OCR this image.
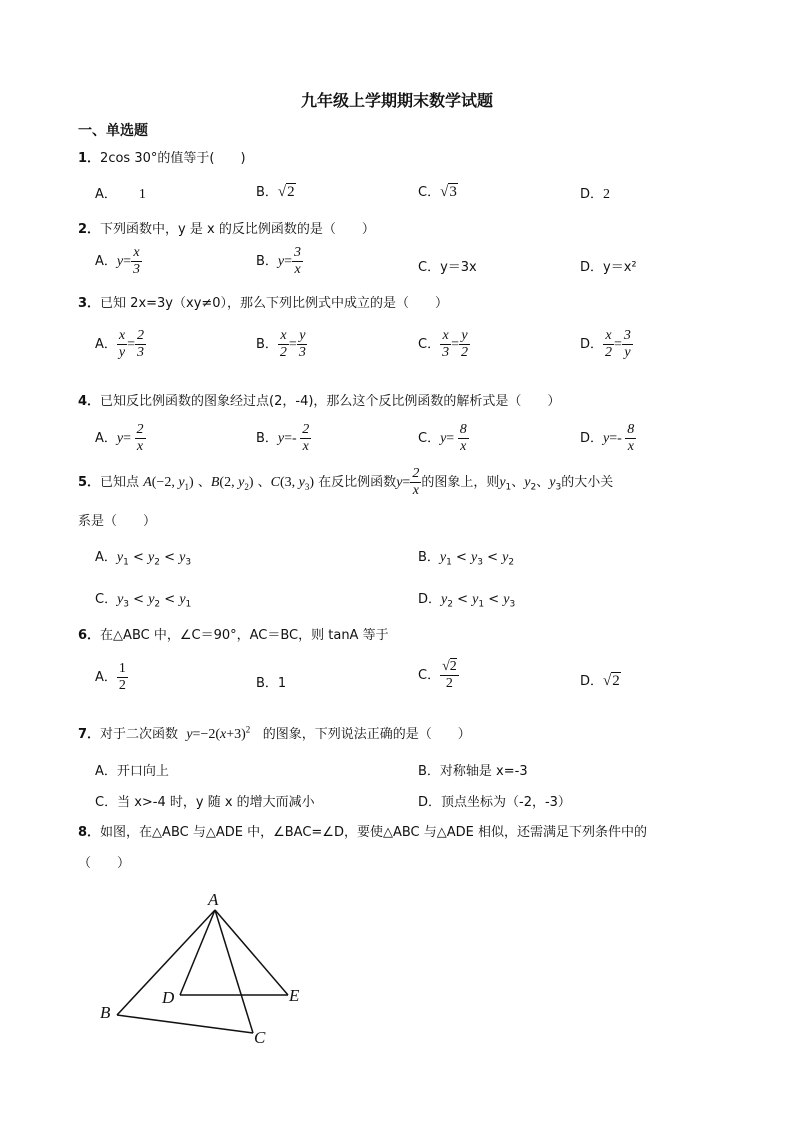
九年级上学期期末数学试题
一、单选题
1．2cos 30°的值等于(　　)
A． 1	B．√2	C．√3	D．2
2．下列函数中，y 是 x 的反比例函数的是（　　）
A．$y= \frac{x}{3}$	B．$y= \frac{3}{x}$	C．y＝3x	D．y＝x²
3．已知 2x=3y（xy≠0），那么下列比例式中成立的是（　　）
A． $\frac{x}{y} = \frac{2}{3}$	B． $\frac{x}{2} = \frac{y}{3}$	C． $\frac{x}{3} = \frac{y}{2}$	D． $\frac{x}{2} = \frac{3}{y}$
4．已知反比例函数的图象经过点(2，-4)，那么这个反比例函数的解析式是（　　）
A．$y= \frac{2}{x}$	B．$y=- \frac{2}{x}$	C．$y= \frac{8}{x}$	D．$y=- \frac{8}{x}$
5．已知点 A(−2, $y_1$) 、B(2, $y_2$) 、C(3, $y_3$) 在反比例函数$y= \frac{2}{x}$ 的图象上，则$y_1$、$y_2$、$y_3$的大小关
系是（　　）
A．$y_1 < y_2 < y_3$	B．$y_1 < y_3 < y_2$
C．$y_3 < y_2 < y_1$	D．$y_2 < y_1 < y_3$
6．在△ABC 中，∠C＝90°，AC＝BC，则 tanA 等于
A． $\frac{1}{2}$	B．1
C． $\frac{√2}{2}$	D．√2
7．对于二次函数 $y=-2(x+3)^2$ 的图象，下列说法正确的是（　　）
A．开口向上	B．对称轴是 x=-3
C．当 x>-4 时，y 随 x 的增大而减小	D．顶点坐标为（-2，-3）
8．如图，在△ABC 与△ADE 中，∠BAC=∠D，要使△ABC 与△ADE 相似，还需满足下列条件中的
（　　）
A
B
C
D	E
